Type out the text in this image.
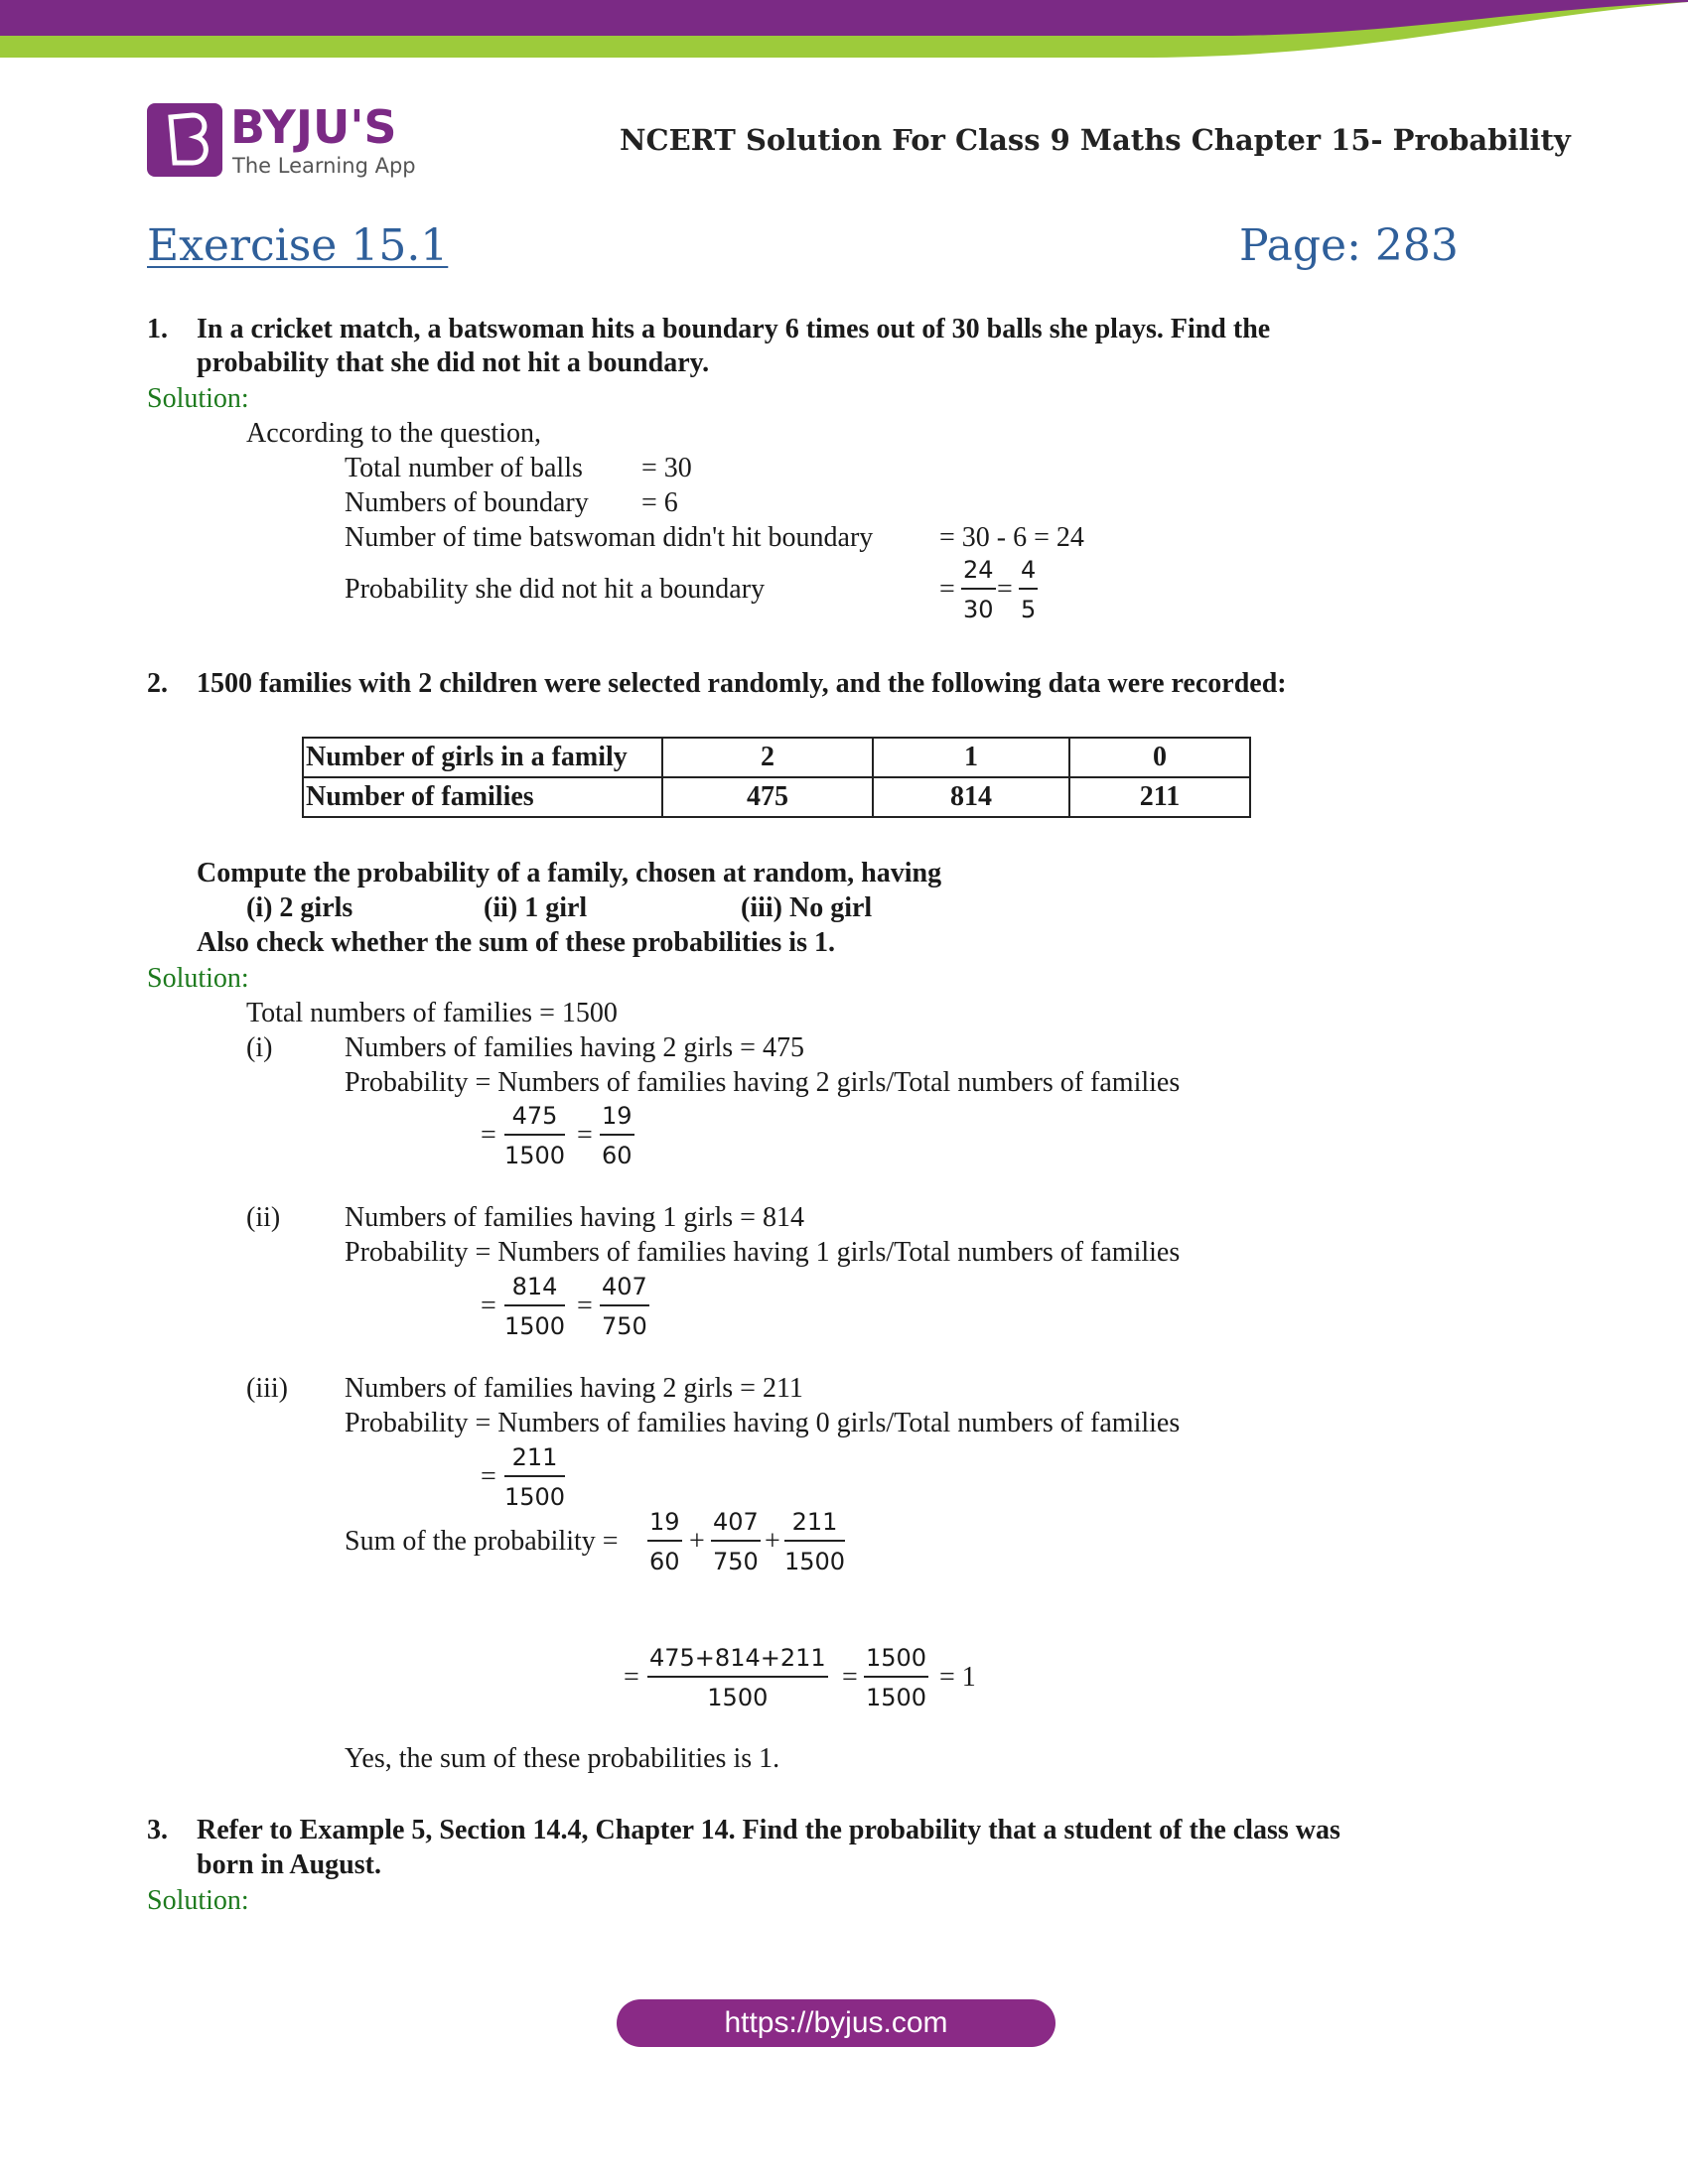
BYJU'S
The Learning App
NCERT Solution For Class 9 Maths Chapter 15- Probability
Exercise 15.1	Page: 283
1. In a cricket match, a batswoman hits a boundary 6 times out of 30 balls she plays. Find the
probability that she did not hit a boundary.
Solution:
According to the question,
Total number of balls = 30
Numbers of boundary = 6
Number of time batswoman didn't hit boundary = 30 - 6 = 24
Probability she did not hit a boundary	=
24
30
=
4
5
2. 1500 families with 2 children were selected randomly, and the following data were recorded:
Number of girls in a family	2	1	0
Number of families	475	814	211
Compute the probability of a family, chosen at random, having
(i) 2 girls	(ii) 1 girl	(iii) No girl
Also check whether the sum of these probabilities is 1.
Solution:
Total numbers of families = 1500
(i)	Numbers of families having 2 girls = 475
Probability = Numbers of families having 2 girls/Total numbers of families
=
475
1500
=
19
60
(ii) Numbers of families having 1 girls = 814
Probability = Numbers of families having 1 girls/Total numbers of families
=
814
1500
=
407
750
(iii) Numbers of families having 2 girls = 211
Probability = Numbers of families having 0 girls/Total numbers of families
=
211
1500
Sum of the probability =
19
60
+
407
750
+
211
1500
=
475+814+211
1500
=
1500
1500
= 1
Yes, the sum of these probabilities is 1.
3. Refer to Example 5, Section 14.4, Chapter 14. Find the probability that a student of the class was
born in August.
Solution:
https://byjus.com
